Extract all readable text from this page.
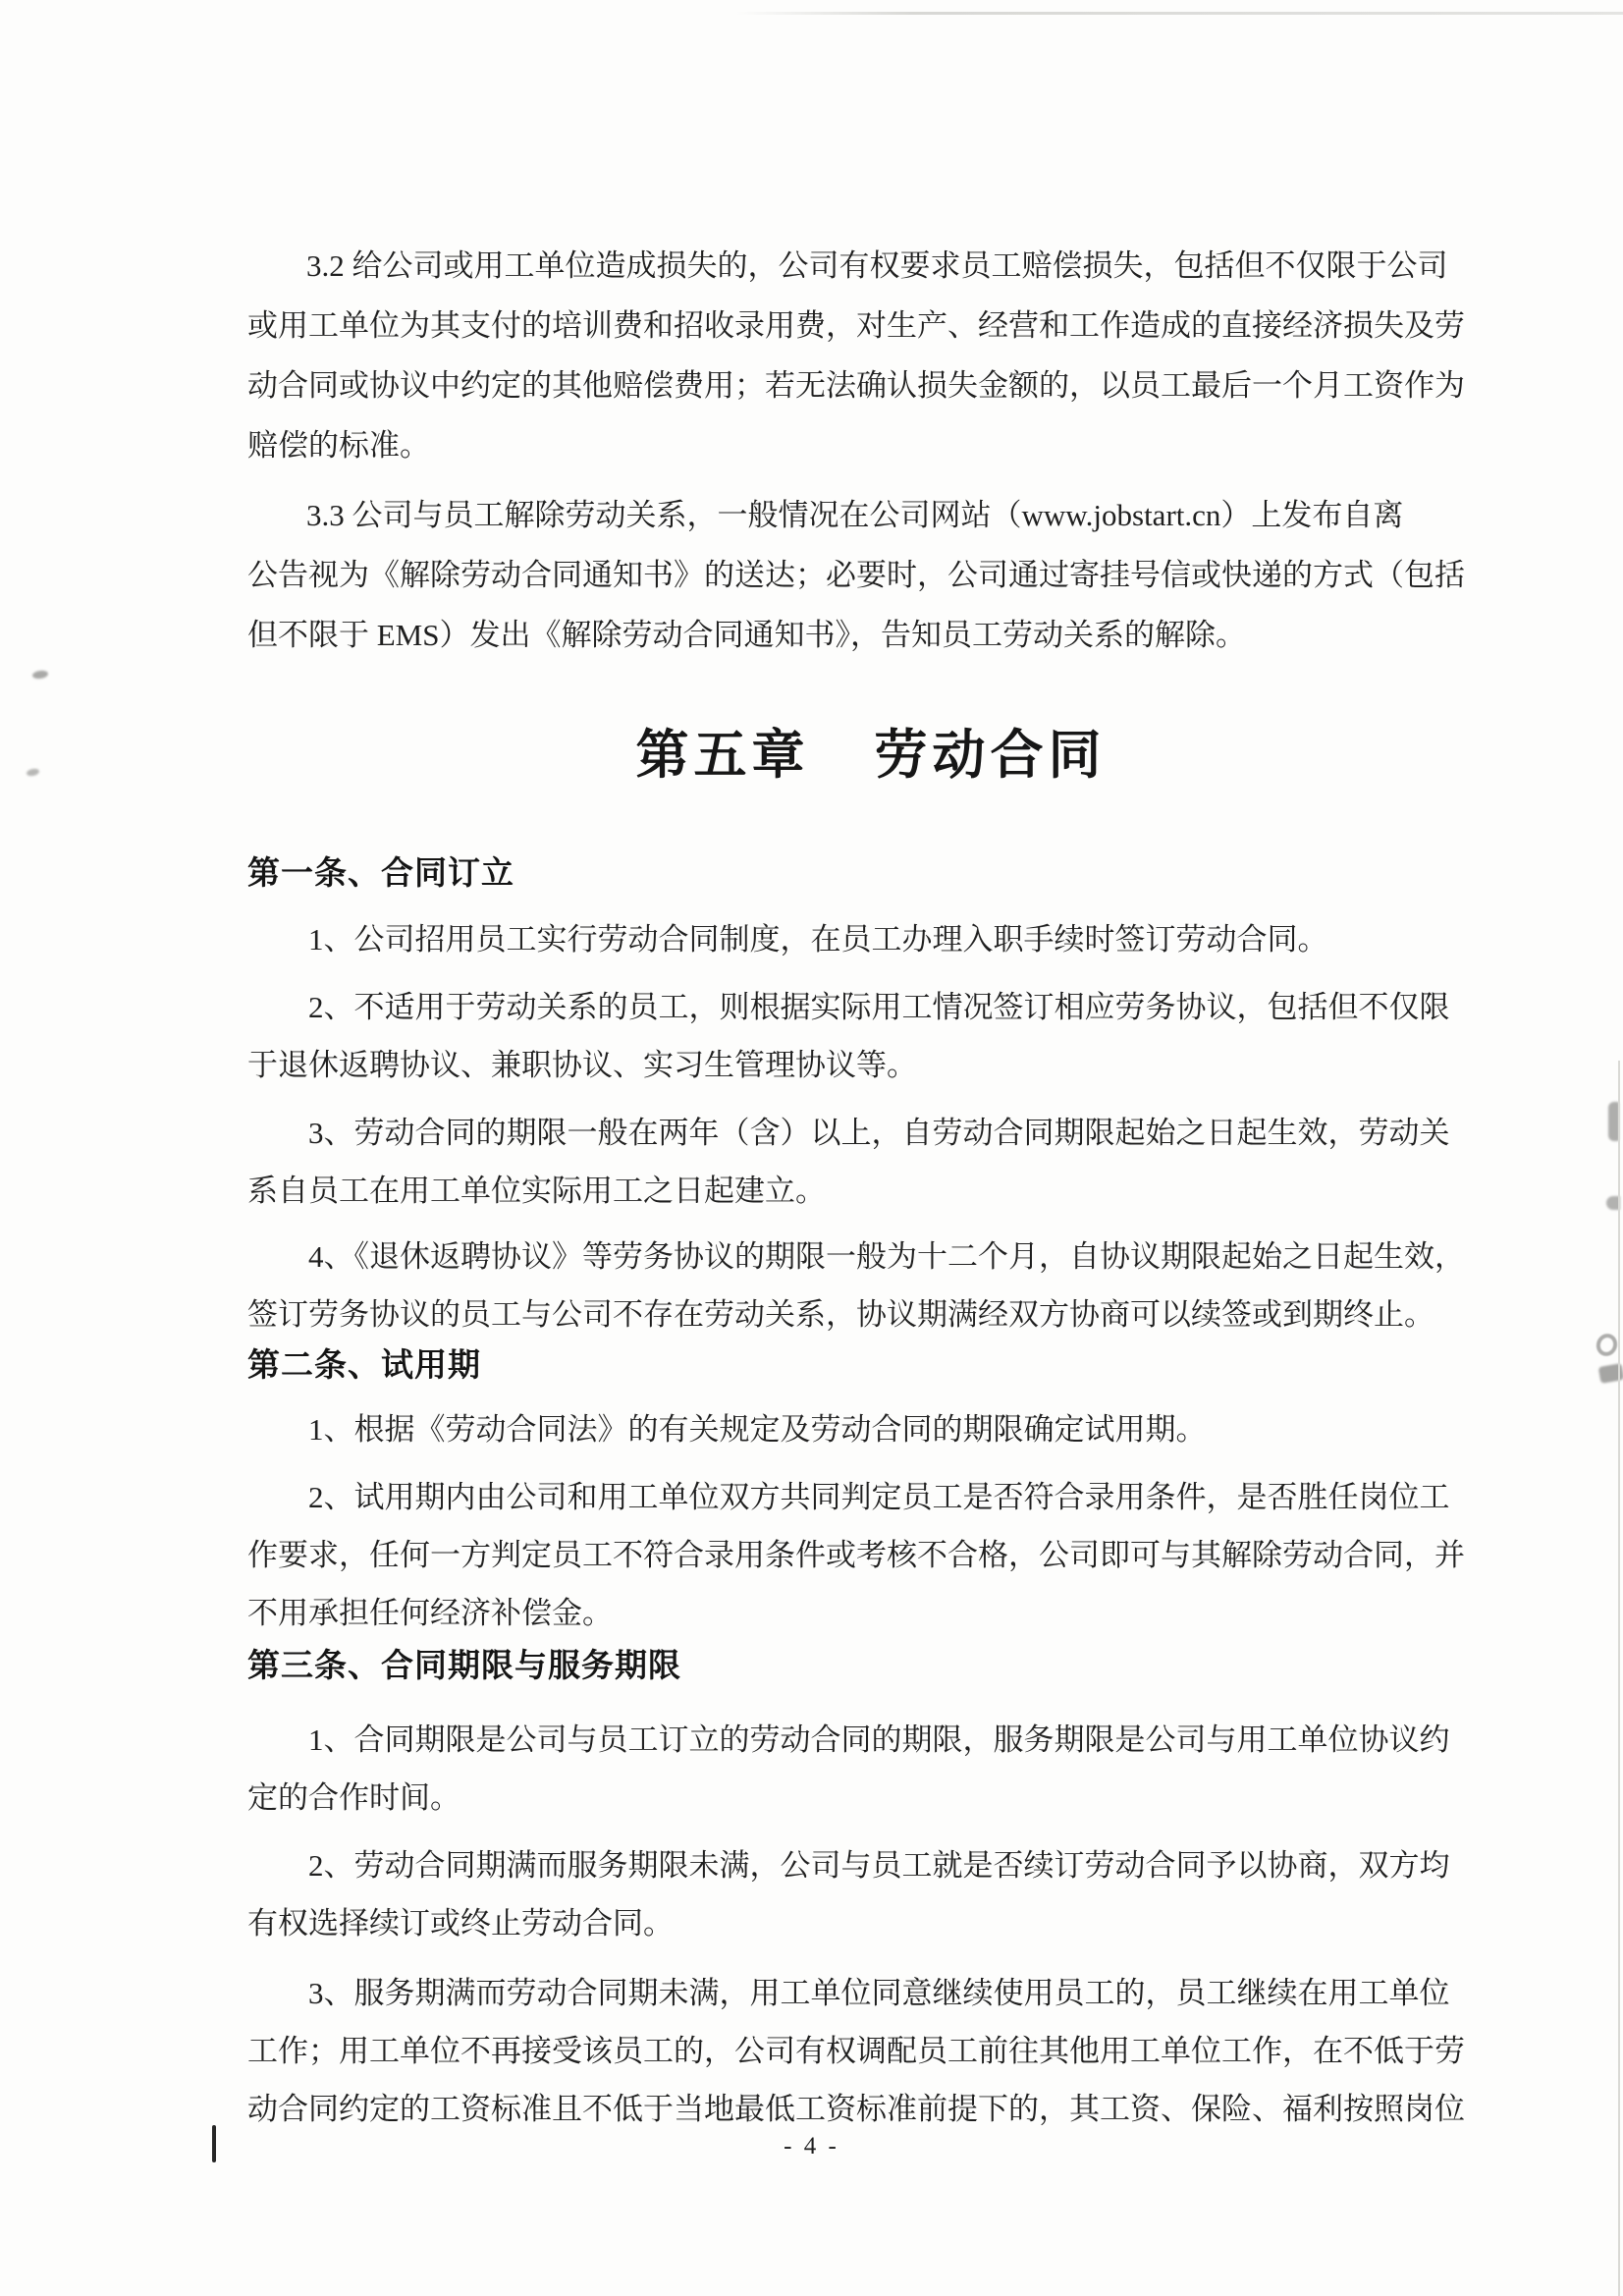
3.2 给公司或用工单位造成损失的，公司有权要求员工赔偿损失，包括但不仅限于公司
或用工单位为其支付的培训费和招收录用费，对生产、经营和工作造成的直接经济损失及劳
动合同或协议中约定的其他赔偿费用；若无法确认损失金额的，以员工最后一个月工资作为
赔偿的标准。
3.3 公司与员工解除劳动关系，一般情况在公司网站（www.jobstart.cn）上发布自离
公告视为《解除劳动合同通知书》的送达；必要时，公司通过寄挂号信或快递的方式（包括
但不限于 EMS）发出《解除劳动合同通知书》，告知员工劳动关系的解除。
第五章 劳动合同
第一条、合同订立
1、公司招用员工实行劳动合同制度，在员工办理入职手续时签订劳动合同。
2、不适用于劳动关系的员工，则根据实际用工情况签订相应劳务协议，包括但不仅限
于退休返聘协议、兼职协议、实习生管理协议等。
3、劳动合同的期限一般在两年（含）以上，自劳动合同期限起始之日起生效，劳动关
系自员工在用工单位实际用工之日起建立。
4、《退休返聘协议》等劳务协议的期限一般为十二个月，自协议期限起始之日起生效，
签订劳务协议的员工与公司不存在劳动关系，协议期满经双方协商可以续签或到期终止。
第二条、试用期
1、根据《劳动合同法》的有关规定及劳动合同的期限确定试用期。
2、试用期内由公司和用工单位双方共同判定员工是否符合录用条件，是否胜任岗位工
作要求，任何一方判定员工不符合录用条件或考核不合格，公司即可与其解除劳动合同，并
不用承担任何经济补偿金。
第三条、合同期限与服务期限
1、合同期限是公司与员工订立的劳动合同的期限，服务期限是公司与用工单位协议约
定的合作时间。
2、劳动合同期满而服务期限未满，公司与员工就是否续订劳动合同予以协商，双方均
有权选择续订或终止劳动合同。
3、服务期满而劳动合同期未满，用工单位同意继续使用员工的，员工继续在用工单位
工作；用工单位不再接受该员工的，公司有权调配员工前往其他用工单位工作，在不低于劳
动合同约定的工资标准且不低于当地最低工资标准前提下的，其工资、保险、福利按照岗位
- 4 -
